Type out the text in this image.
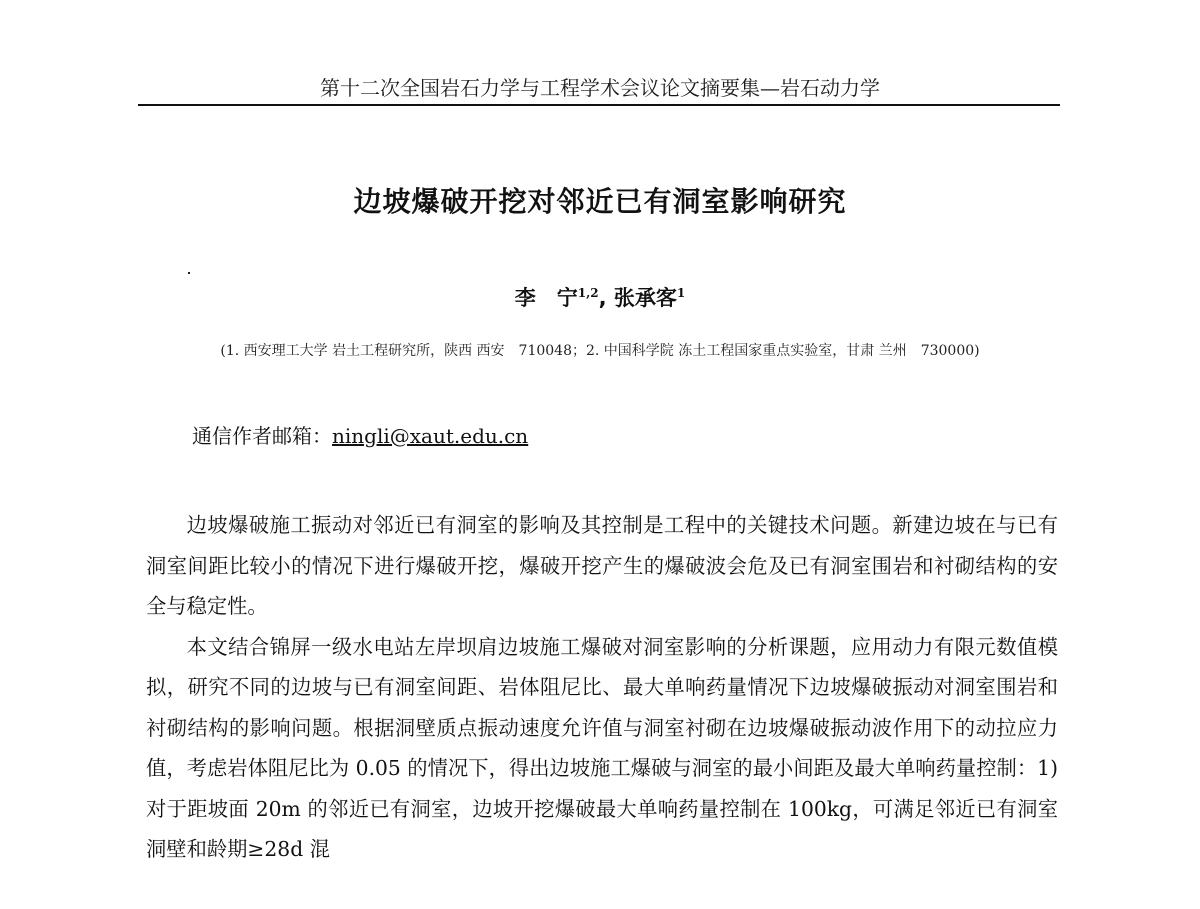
第十二次全国岩石力学与工程学术会议论文摘要集—岩石动力学
边坡爆破开挖对邻近已有洞室影响研究
李　宁$^{1,2}$, 张承客$^1$
(1. 西安理工大学 岩土工程研究所，陕西 西安　710048；2. 中国科学院 冻土工程国家重点实验室，甘肃 兰州　730000)
通信作者邮箱：ningli@xaut.edu.cn

边坡爆破施工振动对邻近已有洞室的影响及其控制是工程中的关键技术问题。新建边坡在与已有洞室间距比较小的情况下进行爆破开挖，爆破开挖产生的爆破波会危及已有洞室围岩和衬砌结构的安全与稳定性。

本文结合锦屏一级水电站左岸坝肩边坡施工爆破对洞室影响的分析课题，应用动力有限元数值模拟，研究不同的边坡与已有洞室间距、岩体阻尼比、最大单响药量情况下边坡爆破振动对洞室围岩和衬砌结构的影响问题。根据洞壁质点振动速度允许值与洞室衬砌在边坡爆破振动波作用下的动拉应力值，考虑岩体阻尼比为 0.05 的情况下，得出边坡施工爆破与洞室的最小间距及最大单响药量控制：1) 对于距坡面 20m 的邻近已有洞室，边坡开挖爆破最大单响药量控制在 100kg，可满足邻近已有洞室洞壁和龄期≥28d 混
